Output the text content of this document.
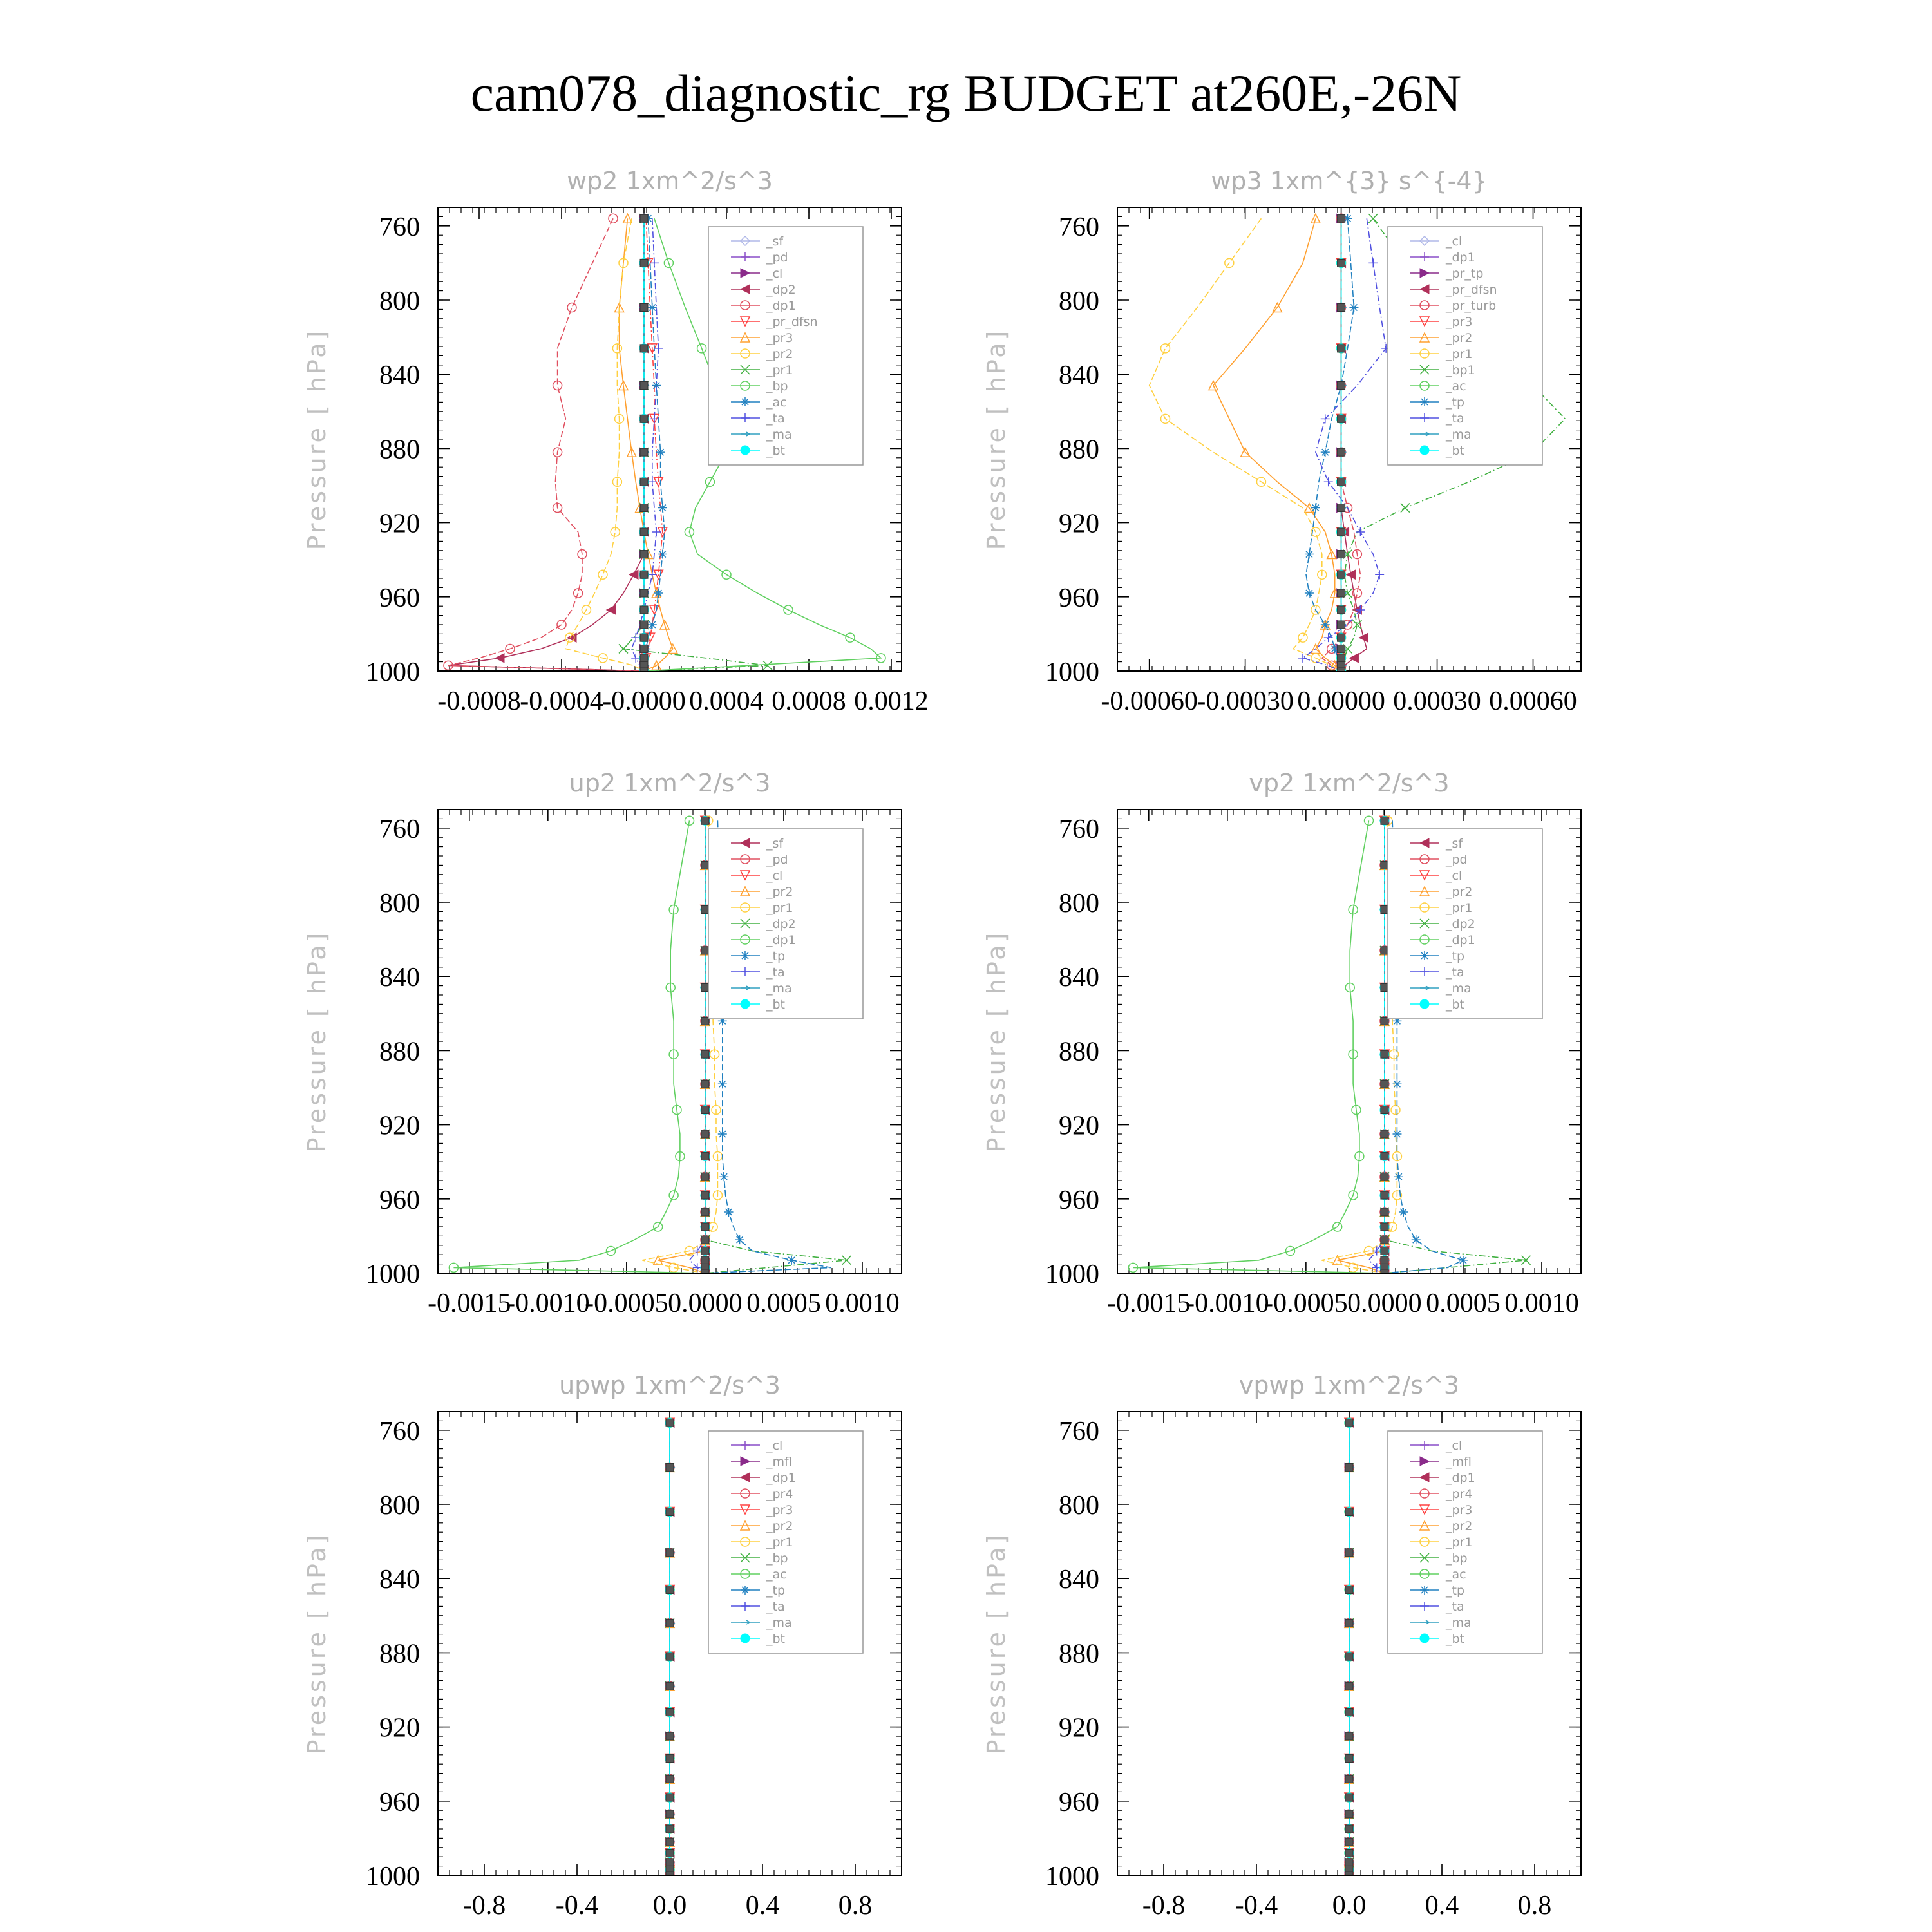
cam078_diagnostic_rg BUDGET at260E,-26N
wp2 1xm^2/s^3
Pressure [ hPa]
-0.0008
-0.0004
-0.0000 0.0004 0.0008 0.0012
760
800
840
880
920
960
1000
_sf
_pd
_cl
_dp2
_dp1
_pr_dfsn
_pr3
_pr2
_pr1
_bp
_ac
_ta
_ma
_bt
wp3 1xm^{3} s^{-4}
Pressure [ hPa]
-0.00060
-0.00030 0.00000 0.00030 0.00060
760
800
840
880
920
960
1000
_cl
_dp1
_pr_tp
_pr_dfsn
_pr_turb
_pr3
_pr2
_pr1
_bp1
_ac
_tp
_ta
_ma
_bt
up2 1xm^2/s^3
Pressure [ hPa]
-0.0015
-0.0010
-0.0005 0.0000 0.0005 0.0010
760
800
840
880
920
960
1000
_sf
_pd
_cl
_pr2
_pr1
_dp2
_dp1
_tp
_ta
_ma
_bt
vp2 1xm^2/s^3
Pressure [ hPa]
-0.0015
-0.0010
-0.0005 0.0000 0.0005 0.0010
760
800
840
880
920
960
1000
_sf
_pd
_cl
_pr2
_pr1
_dp2
_dp1
_tp
_ta
_ma
_bt
upwp 1xm^2/s^3
Pressure [ hPa]
-0.8 -0.4 0.0 0.4 0.8
760
800
840
880
920
960
1000
_cl
_mfl
_dp1
_pr4
_pr3
_pr2
_pr1
_bp
_ac
_tp
_ta
_ma
_bt
vpwp 1xm^2/s^3
Pressure [ hPa]
-0.8 -0.4 0.0 0.4 0.8
760
800
840
880
920
960
1000
_cl
_mfl
_dp1
_pr4
_pr3
_pr2
_pr1
_bp
_ac
_tp
_ta
_ma
_bt
